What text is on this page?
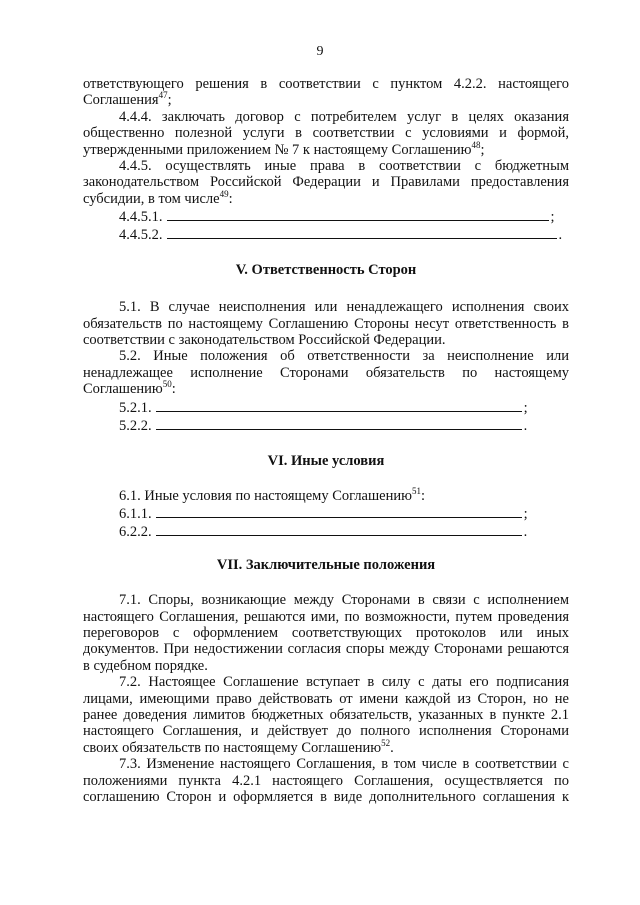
9

ответствующего решения в соответствии с пунктом 4.2.2. настоящего Соглашения$^{47}$;

4.4.4. заключать договор с потребителем услуг в целях оказания общественно полезной услуги в соответствии с условиями и формой, утвержденными приложением № 7 к настоящему Соглашению$^{48}$;

4.4.5. осуществлять иные права в соответствии с бюджетным законодательством Российской Федерации и Правилами предоставления субсидии, в том числе$^{49}$:

4.4.5.1.	;
4.4.5.2.	.
V. Ответственность Сторон

5.1. В случае неисполнения или ненадлежащего исполнения своих обязательств по настоящему Соглашению Стороны несут ответственность в соответствии с законодательством Российской Федерации.

5.2. Иные положения об ответственности за неисполнение или ненадлежащее исполнение Сторонами обязательств по настоящему Соглашению$^{50}$:

5.2.1.	;
5.2.2.	.
VI. Иные условия

6.1. Иные условия по настоящему Соглашению$^{51}$:

6.1.1.	;
6.2.2.	.
VII. Заключительные положения

7.1. Споры, возникающие между Сторонами в связи с исполнением настоящего Соглашения, решаются ими, по возможности, путем проведения переговоров с оформлением соответствующих протоколов или иных документов. При недостижении согласия споры между Сторонами решаются в судебном порядке.

7.2. Настоящее Соглашение вступает в силу с даты его подписания лицами, имеющими право действовать от имени каждой из Сторон, но не ранее доведения лимитов бюджетных обязательств, указанных в пункте 2.1 настоящего Соглашения, и действует до полного исполнения Сторонами своих обязательств по настоящему Соглашению$^{52}$.

7.3. Изменение настоящего Соглашения, в том числе в соответствии с положениями пункта 4.2.1 настоящего Соглашения, осуществляется по соглашению Сторон и оформляется в виде дополнительного соглашения к
